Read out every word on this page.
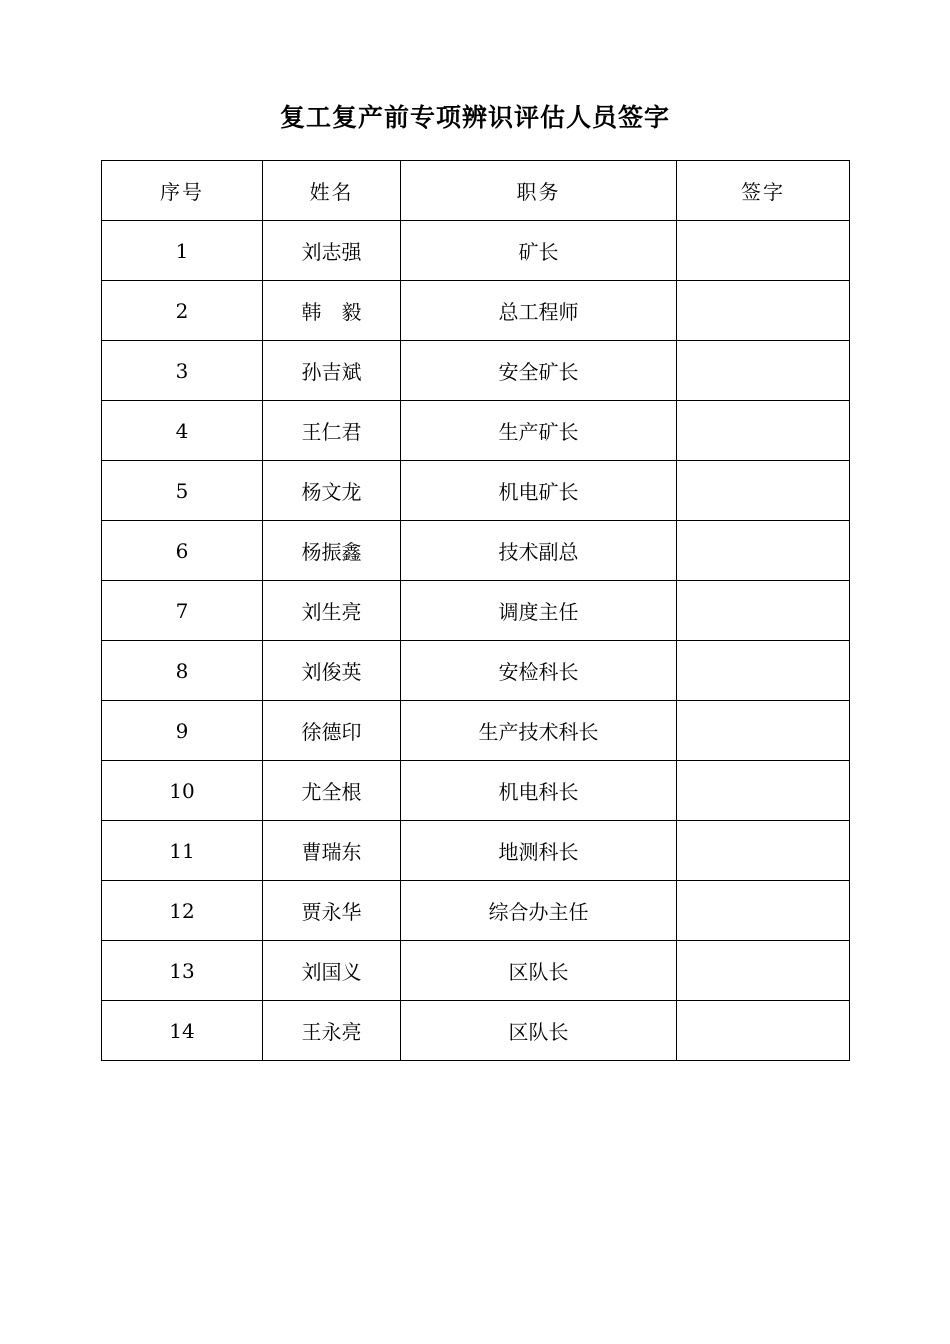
复工复产前专项辨识评估人员签字
序号	姓名	职务	签字
1	刘志强	矿长	
2	韩　毅	总工程师	
3	孙吉斌	安全矿长	
4	王仁君	生产矿长	
5	杨文龙	机电矿长	
6	杨振鑫	技术副总	
7	刘生亮	调度主任	
8	刘俊英	安检科长	
9	徐德印	生产技术科长	
10	尤全根	机电科长	
11	曹瑞东	地测科长	
12	贾永华	综合办主任	
13	刘国义	区队长	
14	王永亮	区队长	
